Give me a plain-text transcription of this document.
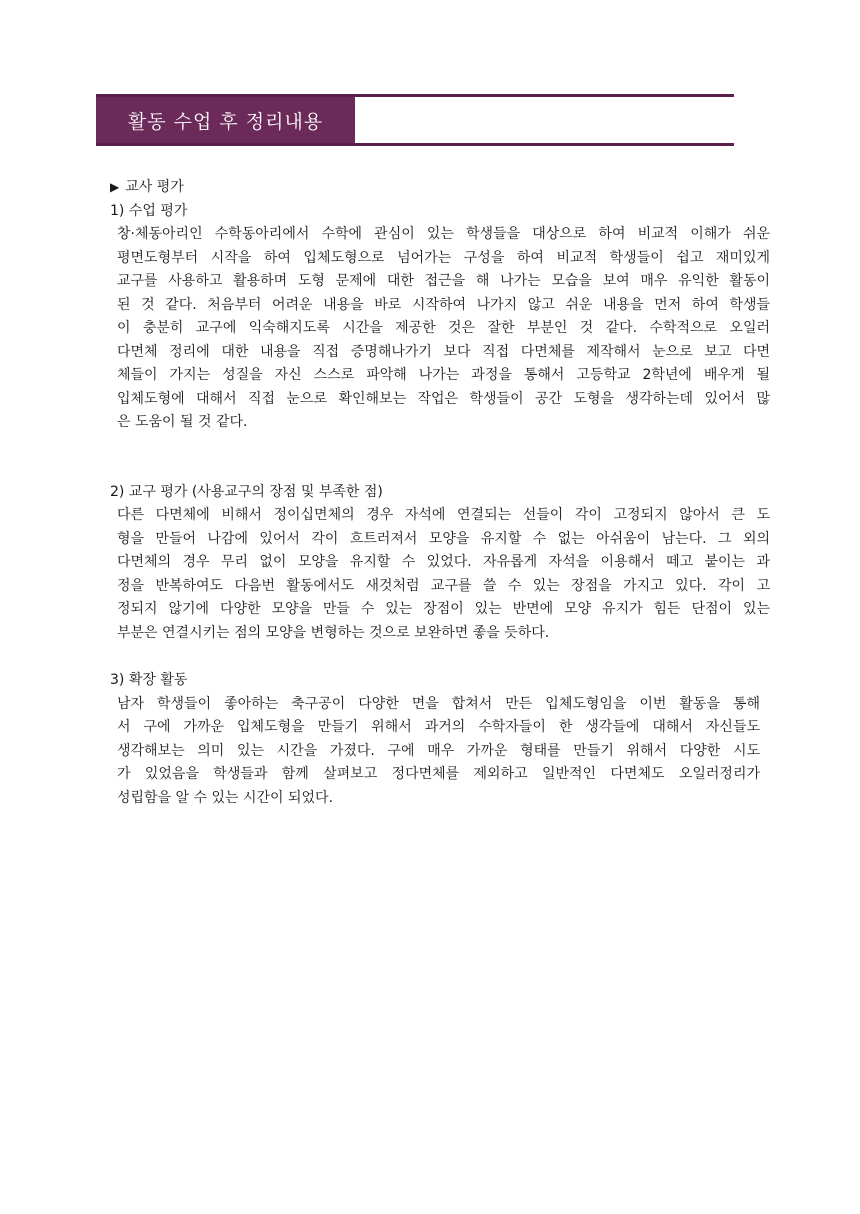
활동 수업 후 정리내용
▶ 교사 평가
1) 수업 평가
창·체동아리인 수학동아리에서 수학에 관심이 있는 학생들을 대상으로 하여 비교적 이해가 쉬운
평면도형부터 시작을 하여 입체도형으로 넘어가는 구성을 하여 비교적 학생들이 쉽고 재미있게
교구를 사용하고 활용하며 도형 문제에 대한 접근을 해 나가는 모습을 보여 매우 유익한 활동이
된 것 같다. 처음부터 어려운 내용을 바로 시작하여 나가지 않고 쉬운 내용을 먼저 하여 학생들
이 충분히 교구에 익숙해지도록 시간을 제공한 것은 잘한 부분인 것 같다. 수학적으로 오일러
다면체 정리에 대한 내용을 직접 증명해나가기 보다 직접 다면체를 제작해서 눈으로 보고 다면
체들이 가지는 성질을 자신 스스로 파악해 나가는 과정을 통해서 고등학교 2학년에 배우게 될
입체도형에 대해서 직접 눈으로 확인해보는 작업은 학생들이 공간 도형을 생각하는데 있어서 많
은 도움이 될 것 같다.
2) 교구 평가 (사용교구의 장점 및 부족한 점)
다른 다면체에 비해서 정이십면체의 경우 자석에 연결되는 선들이 각이 고정되지 않아서 큰 도
형을 만들어 나감에 있어서 각이 흐트러져서 모양을 유지할 수 없는 아쉬움이 남는다. 그 외의
다면체의 경우 무리 없이 모양을 유지할 수 있었다. 자유롭게 자석을 이용해서 떼고 붙이는 과
정을 반복하여도 다음번 활동에서도 새것처럼 교구를 쓸 수 있는 장점을 가지고 있다. 각이 고
정되지 않기에 다양한 모양을 만들 수 있는 장점이 있는 반면에 모양 유지가 힘든 단점이 있는
부분은 연결시키는 점의 모양을 변형하는 것으로 보완하면 좋을 듯하다.
3) 확장 활동
남자 학생들이 좋아하는 축구공이 다양한 면을 합쳐서 만든 입체도형임을 이번 활동을 통해
서 구에 가까운 입체도형을 만들기 위해서 과거의 수학자들이 한 생각들에 대해서 자신들도
생각해보는 의미 있는 시간을 가졌다. 구에 매우 가까운 형태를 만들기 위해서 다양한 시도
가 있었음을 학생들과 함께 살펴보고 정다면체를 제외하고 일반적인 다면체도 오일러정리가
성립함을 알 수 있는 시간이 되었다.
